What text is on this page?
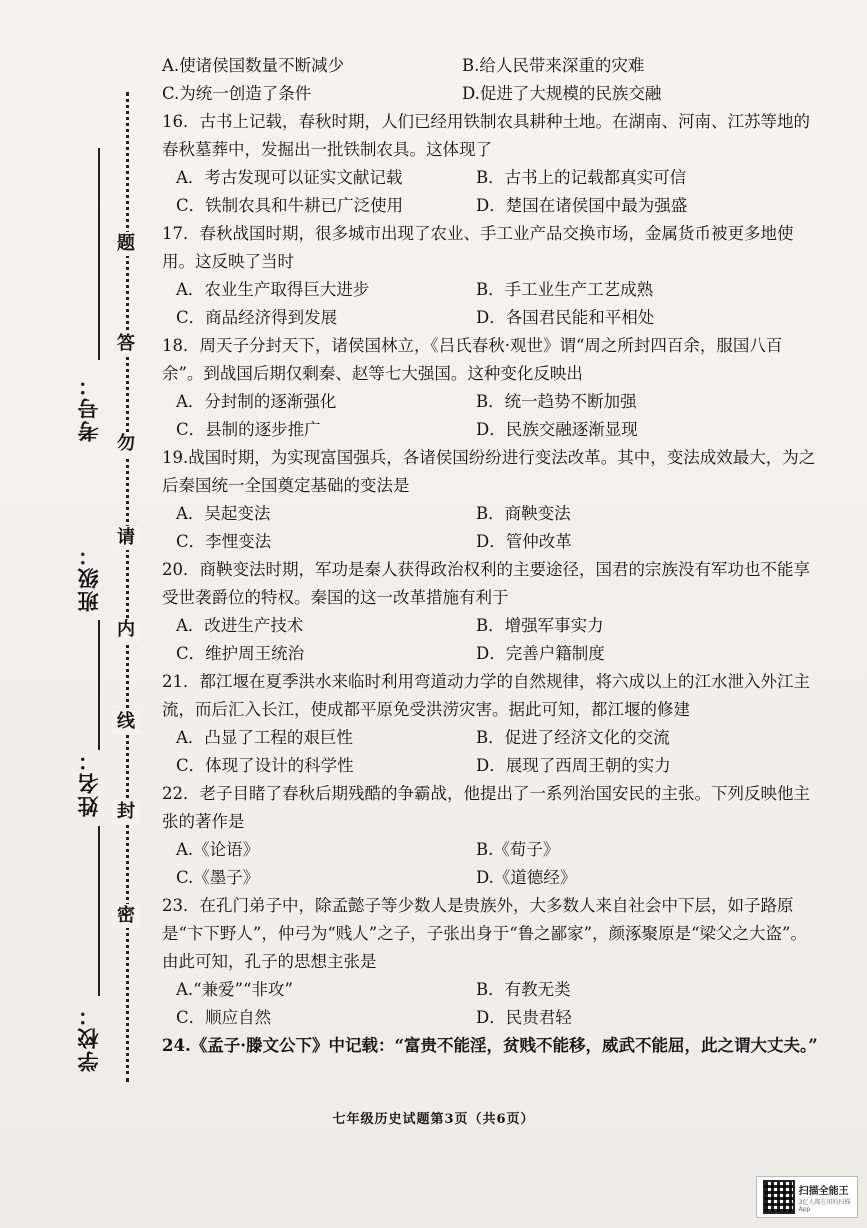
题
答
勿
请
内
线
封
密
考号：
班级：
姓名：
学校：
A.使诸侯国数量不断减少	B.给人民带来深重的灾难
C.为统一创造了条件	D.促进了大规模的民族交融

16．古书上记载，春秋时期，人们已经用铁制农具耕种土地。在湖南、河南、江苏等地的春秋墓葬中，发掘出一批铁制农具。这体现了

A．考古发现可以证实文献记载	B．古书上的记载都真实可信
C．铁制农具和牛耕已广泛使用	D．楚国在诸侯国中最为强盛

17．春秋战国时期，很多城市出现了农业、手工业产品交换市场，金属货币被更多地使用。这反映了当时

A．农业生产取得巨大进步	B．手工业生产工艺成熟
C．商品经济得到发展	D．各国君民能和平相处

18．周天子分封天下，诸侯国林立，《吕氏春秋·观世》谓“周之所封四百余，服国八百余”。到战国后期仅剩秦、赵等七大强国。这种变化反映出

A．分封制的逐渐强化	B．统一趋势不断加强
C．县制的逐步推广	D．民族交融逐渐显现

19.战国时期，为实现富国强兵，各诸侯国纷纷进行变法改革。其中，变法成效最大，为之后秦国统一全国奠定基础的变法是

A．吴起变法	B．商鞅变法
C．李悝变法	D．管仲改革

20．商鞅变法时期，军功是秦人获得政治权利的主要途径，国君的宗族没有军功也不能享受世袭爵位的特权。秦国的这一改革措施有利于

A．改进生产技术	B．增强军事实力
C．维护周王统治	D．完善户籍制度

21．都江堰在夏季洪水来临时利用弯道动力学的自然规律，将六成以上的江水泄入外江主流，而后汇入长江，使成都平原免受洪涝灾害。据此可知，都江堰的修建

A．凸显了工程的艰巨性	B．促进了经济文化的交流
C．体现了设计的科学性	D．展现了西周王朝的实力

22．老子目睹了春秋后期残酷的争霸战，他提出了一系列治国安民的主张。下列反映他主张的著作是

A.《论语》	B.《荀子》
C.《墨子》	D.《道德经》

23．在孔门弟子中，除孟懿子等少数人是贵族外，大多数人来自社会中下层，如子路原是“卞下野人”，仲弓为“贱人”之子，子张出身于“鲁之鄙家”，颜涿聚原是“梁父之大盗”。由此可知，孔子的思想主张是

A.“兼爱”“非攻”	B．有教无类
C．顺应自然	D．民贵君轻

24.《孟子·滕文公下》中记载：“富贵不能淫，贫贱不能移，威武不能屈，此之谓大丈夫。”

七年级历史试题第3页（共6页）
扫描全能王
3亿人都在用的扫描App
